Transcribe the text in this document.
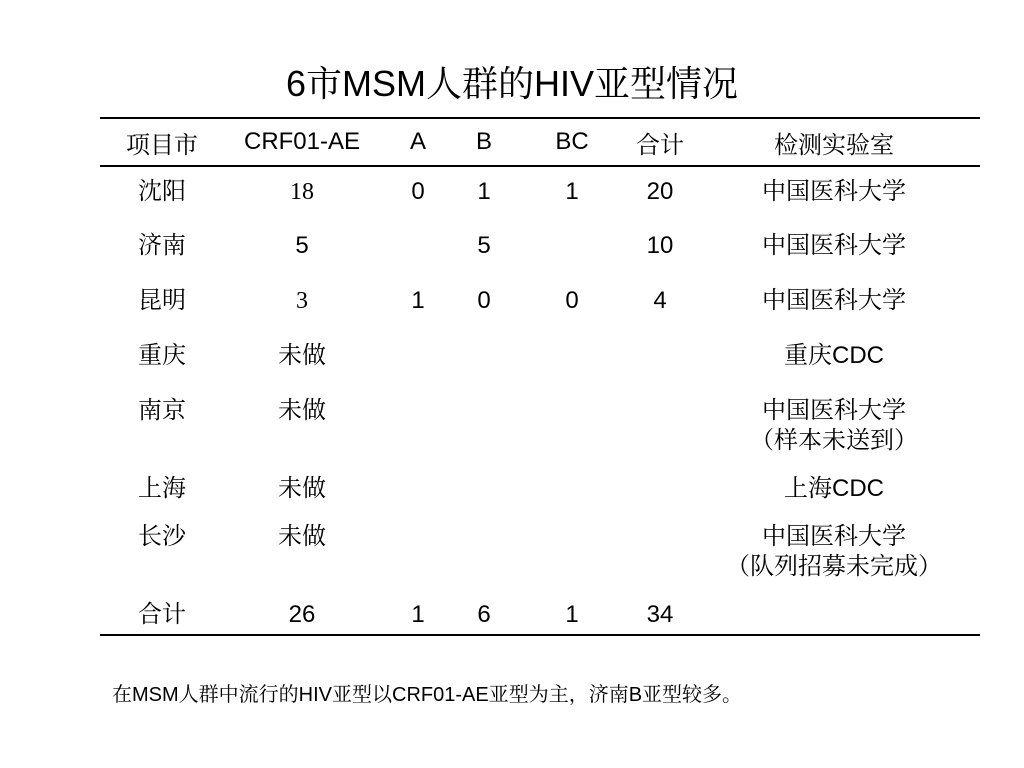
6市MSM人群的HIV亚型情况
项目市	CRF01-AE	A	B	BC	合计	检测实验室
沈阳	18	0	1	1	20	中国医科大学

济南	5		5		10	中国医科大学

昆明	3	1	0	0	4	中国医科大学

重庆	未做					重庆CDC

南京	未做					中国医科大学
（样本未送到）

上海	未做					上海CDC

长沙	未做					中国医科大学
（队列招募未完成）

合计	26	1	6	1	34	
在MSM人群中流行的HIV亚型以CRF01-AE亚型为主，济南B亚型较多。
